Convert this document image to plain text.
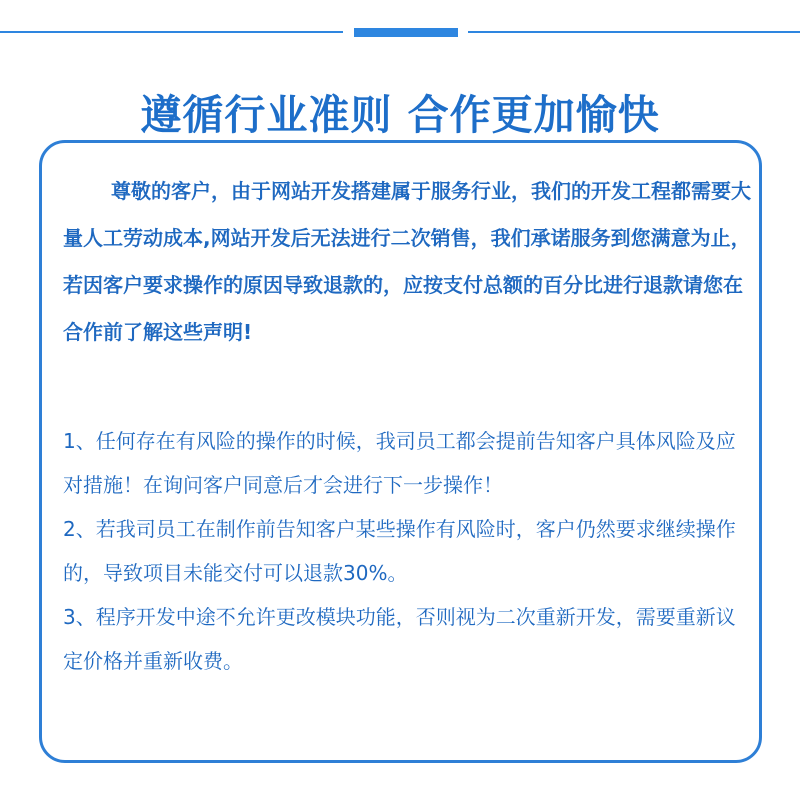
遵循行业准则 合作更加愉快

尊敬的客户，由于网站开发搭建属于服务行业，我们的开发工程都需要大量人工劳动成本,网站开发后无法进行二次销售，我们承诺服务到您满意为止，若因客户要求操作的原因导致退款的，应按支付总额的百分比进行退款请您在合作前了解这些声明!

1、任何存在有风险的操作的时候，我司员工都会提前告知客户具体风险及应对措施！在询问客户同意后才会进行下一步操作！
2、若我司员工在制作前告知客户某些操作有风险时，客户仍然要求继续操作的，导致项目未能交付可以退款30%。
3、程序开发中途不允许更改模块功能，否则视为二次重新开发，需要重新议定价格并重新收费。
